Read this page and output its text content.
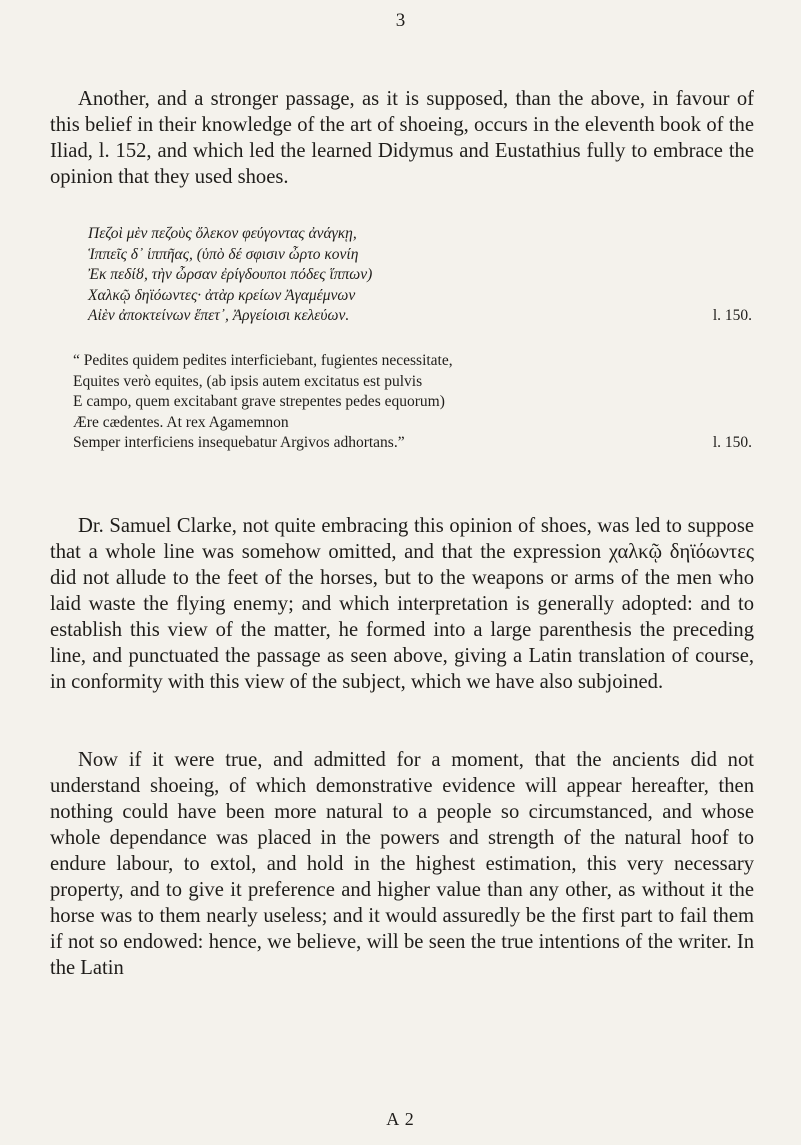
3

Another, and a stronger passage, as it is supposed, than the above, in favour of this belief in their knowledge of the art of shoeing, occurs in the eleventh book of the Iliad, l. 152, and which led the learned Didymus and Eustathius fully to embrace the opinion that they used shoes.

Πεζοὶ μὲν πεζοὺς ὄλεκον φεύγοντας ἀνάγκῃ,
Ἱππεῖς δ᾽ ἱππῆας, (ὑπὸ δέ σφισιν ὦρτο κονίη
Ἐκ πεδίȣ, τὴν ὦρσαν ἐρίγδουποι πόδες ἵππων)
Χαλκῷ δηϊόωντες· ἀτὰρ κρείων Ἀγαμέμνων
Αἰὲν ἀποκτείνων ἕπετ᾽, Ἀργείοισι κελεύων.	l. 150.
“ Pedites quidem pedites interficiebant, fugientes necessitate,
Equites verò equites, (ab ipsis autem excitatus est pulvis
E campo, quem excitabant grave strepentes pedes equorum)
Ære cædentes. At rex Agamemnon
Semper interficiens insequebatur Argivos adhortans.”	l. 150.

Dr. Samuel Clarke, not quite embracing this opinion of shoes, was led to suppose that a whole line was somehow omitted, and that the expression χαλκῷ δηϊόωντες did not allude to the feet of the horses, but to the weapons or arms of the men who laid waste the flying enemy; and which interpretation is generally adopted: and to establish this view of the matter, he formed into a large parenthesis the preceding line, and punctuated the passage as seen above, giving a Latin translation of course, in conformity with this view of the subject, which we have also subjoined.

Now if it were true, and admitted for a moment, that the ancients did not understand shoeing, of which demonstrative evidence will appear hereafter, then nothing could have been more natural to a people so circumstanced, and whose whole dependance was placed in the powers and strength of the natural hoof to endure labour, to extol, and hold in the highest estimation, this very necessary property, and to give it preference and higher value than any other, as without it the horse was to them nearly useless; and it would assuredly be the first part to fail them if not so endowed: hence, we believe, will be seen the true intentions of the writer. In the Latin

A 2
